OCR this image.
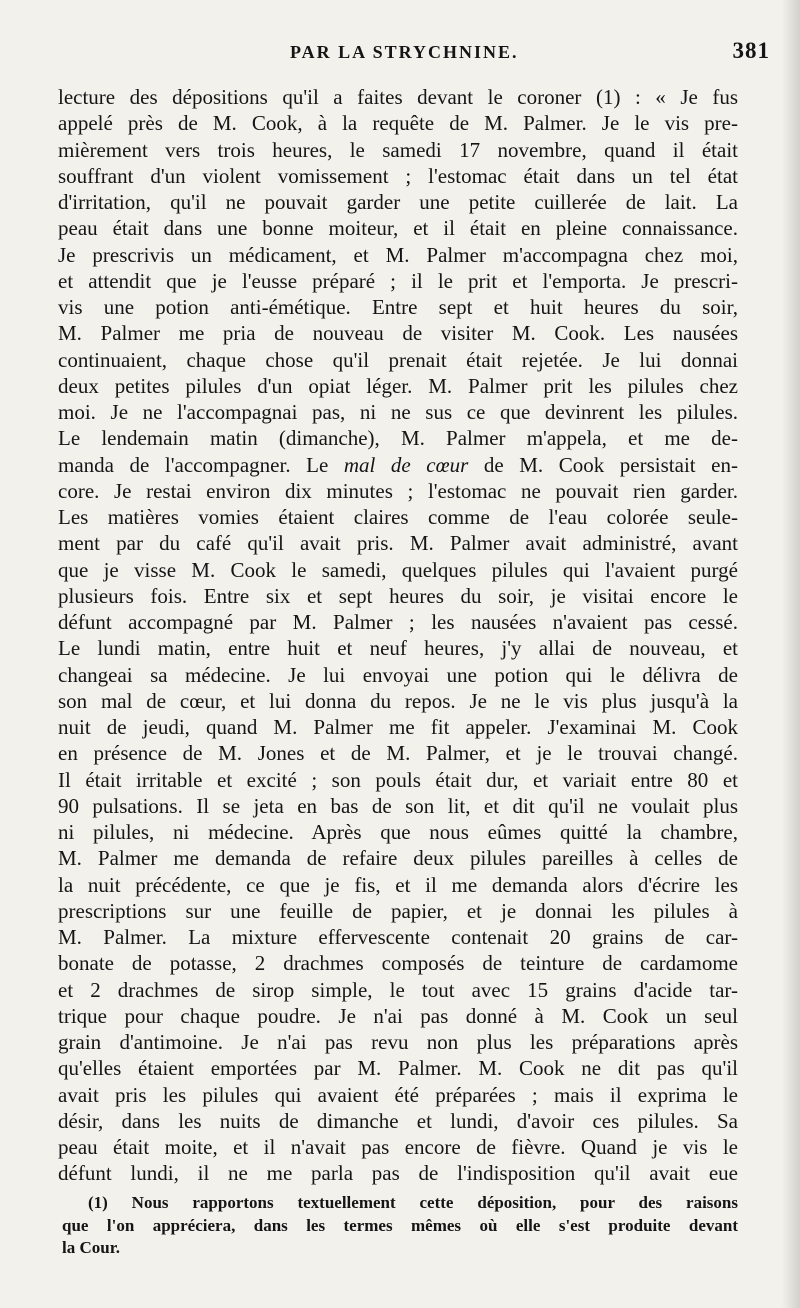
PAR LA STRYCHNINE.	381
lecture des dépositions qu'il a faites devant le coroner (1) : « Je fus
appelé près de M. Cook, à la requête de M. Palmer. Je le vis pre-
mièrement vers trois heures, le samedi 17 novembre, quand il était
souffrant d'un violent vomissement ; l'estomac était dans un tel état
d'irritation, qu'il ne pouvait garder une petite cuillerée de lait. La
peau était dans une bonne moiteur, et il était en pleine connaissance.
Je prescrivis un médicament, et M. Palmer m'accompagna chez moi,
et attendit que je l'eusse préparé ; il le prit et l'emporta. Je prescri-
vis une potion anti-émétique. Entre sept et huit heures du soir,
M. Palmer me pria de nouveau de visiter M. Cook. Les nausées
continuaient, chaque chose qu'il prenait était rejetée. Je lui donnai
deux petites pilules d'un opiat léger. M. Palmer prit les pilules chez
moi. Je ne l'accompagnai pas, ni ne sus ce que devinrent les pilules.
Le lendemain matin (dimanche), M. Palmer m'appela, et me de-
manda de l'accompagner. Le mal de cœur de M. Cook persistait en-
core. Je restai environ dix minutes ; l'estomac ne pouvait rien garder.
Les matières vomies étaient claires comme de l'eau colorée seule-
ment par du café qu'il avait pris. M. Palmer avait administré, avant
que je visse M. Cook le samedi, quelques pilules qui l'avaient purgé
plusieurs fois. Entre six et sept heures du soir, je visitai encore le
défunt accompagné par M. Palmer ; les nausées n'avaient pas cessé.
Le lundi matin, entre huit et neuf heures, j'y allai de nouveau, et
changeai sa médecine. Je lui envoyai une potion qui le délivra de
son mal de cœur, et lui donna du repos. Je ne le vis plus jusqu'à la
nuit de jeudi, quand M. Palmer me fit appeler. J'examinai M. Cook
en présence de M. Jones et de M. Palmer, et je le trouvai changé.
Il était irritable et excité ; son pouls était dur, et variait entre 80 et
90 pulsations. Il se jeta en bas de son lit, et dit qu'il ne voulait plus
ni pilules, ni médecine. Après que nous eûmes quitté la chambre,
M. Palmer me demanda de refaire deux pilules pareilles à celles de
la nuit précédente, ce que je fis, et il me demanda alors d'écrire les
prescriptions sur une feuille de papier, et je donnai les pilules à
M. Palmer. La mixture effervescente contenait 20 grains de car-
bonate de potasse, 2 drachmes composés de teinture de cardamome
et 2 drachmes de sirop simple, le tout avec 15 grains d'acide tar-
trique pour chaque poudre. Je n'ai pas donné à M. Cook un seul
grain d'antimoine. Je n'ai pas revu non plus les préparations après
qu'elles étaient emportées par M. Palmer. M. Cook ne dit pas qu'il
avait pris les pilules qui avaient été préparées ; mais il exprima le
désir, dans les nuits de dimanche et lundi, d'avoir ces pilules. Sa
peau était moite, et il n'avait pas encore de fièvre. Quand je vis le
défunt lundi, il ne me parla pas de l'indisposition qu'il avait eue
(1) Nous rapportons textuellement cette déposition, pour des raisons
que l'on appréciera, dans les termes mêmes où elle s'est produite devant
la Cour.
